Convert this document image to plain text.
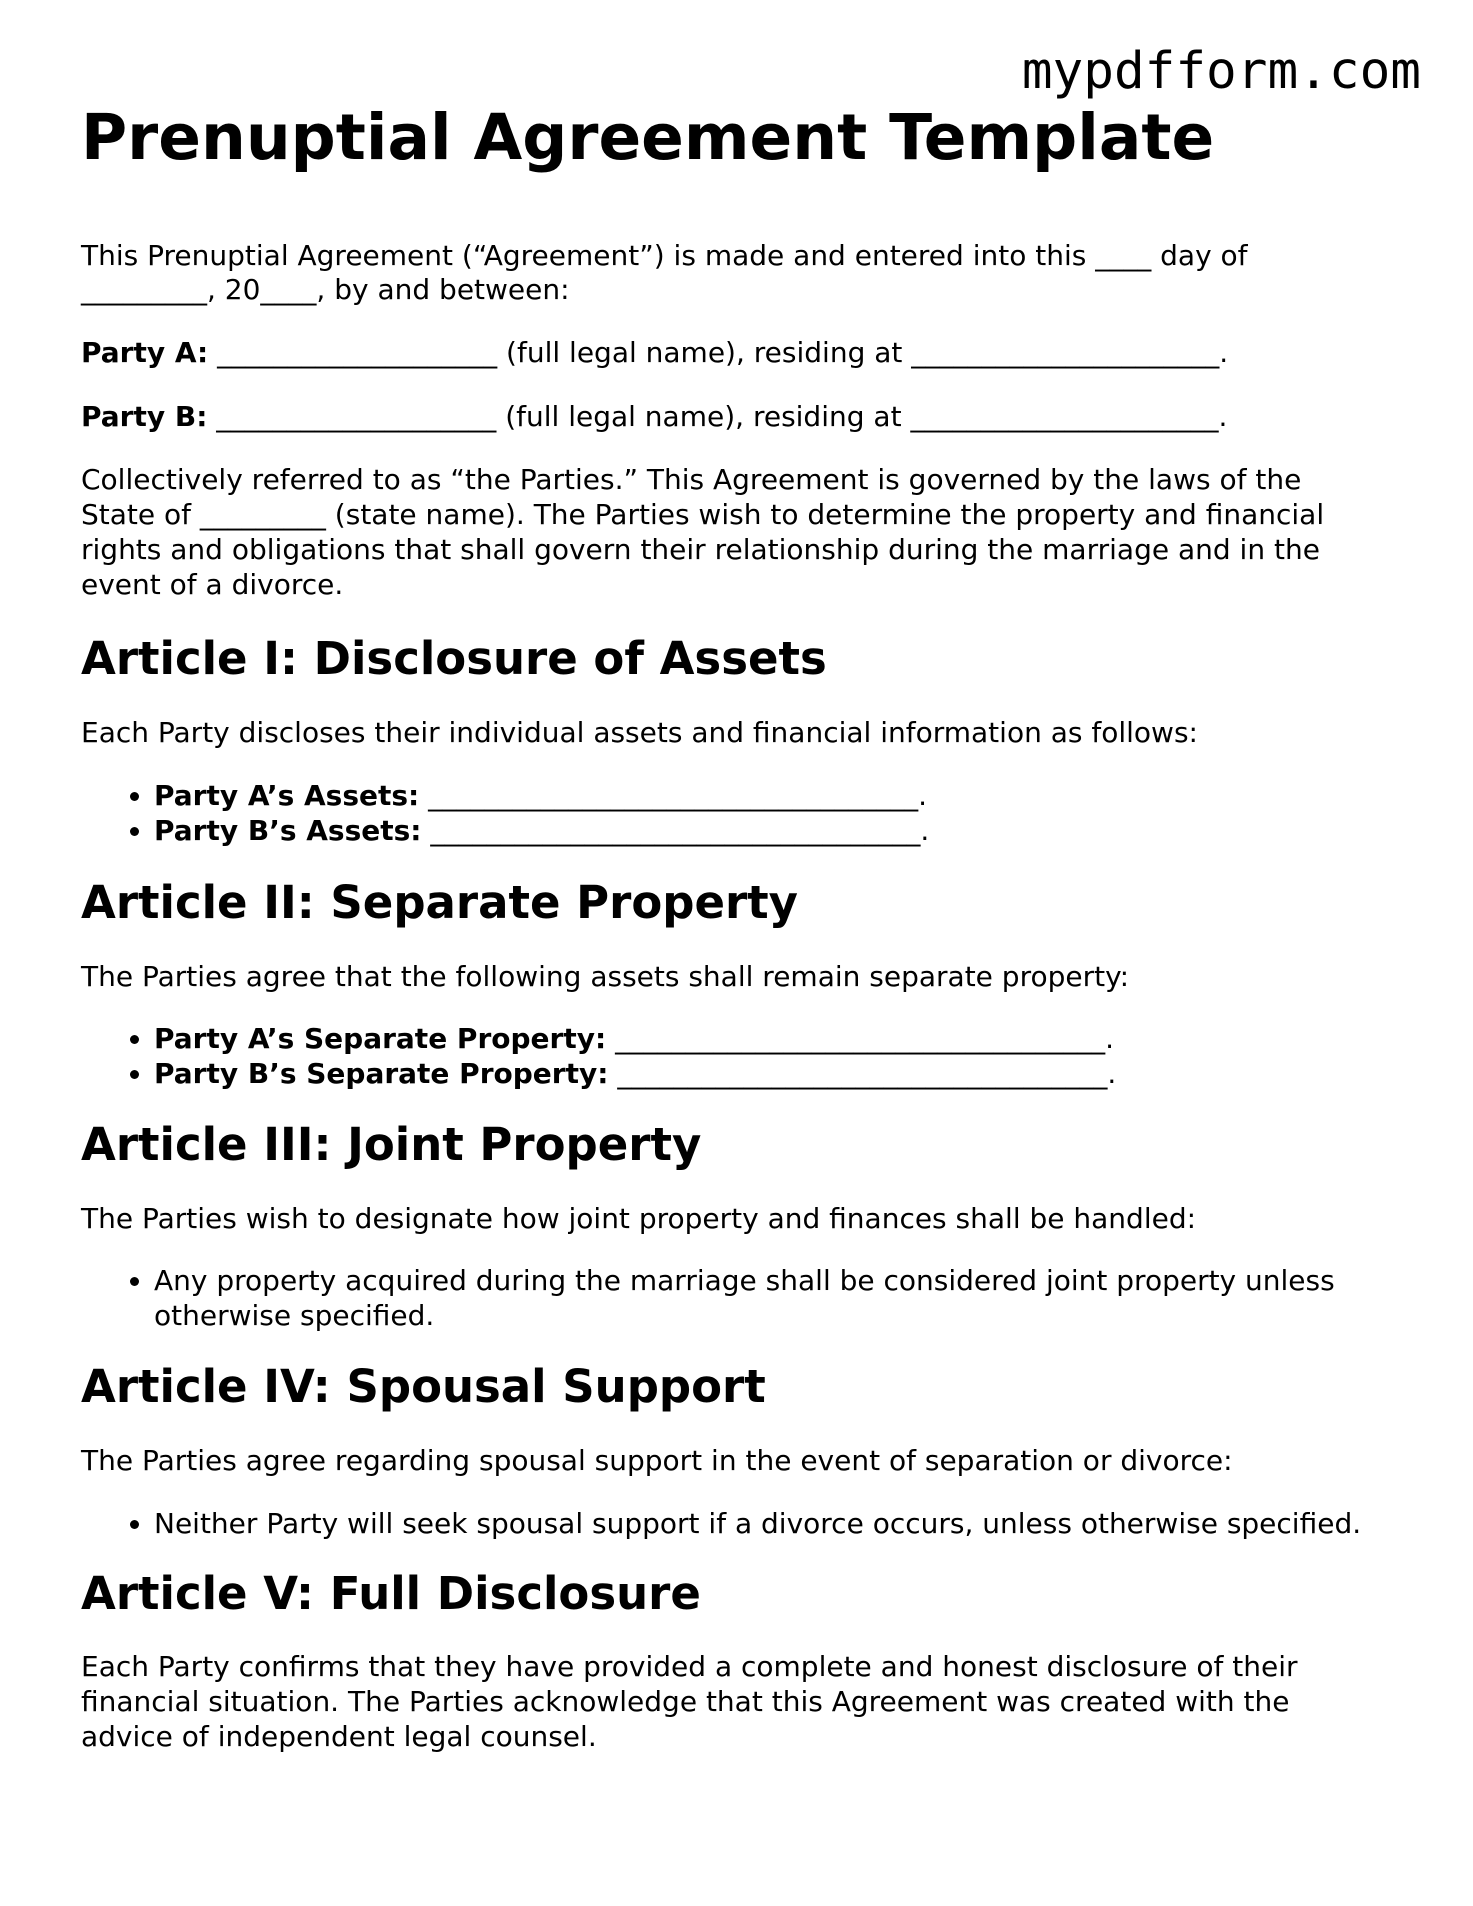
mypdfform.com
Prenuptial Agreement Template

This Prenuptial Agreement (“Agreement”) is made and entered into this ____ day of
_________, 20____, by and between:

Party A: ____________________ (full legal name), residing at ______________________.

Party B: ____________________ (full legal name), residing at ______________________.

Collectively referred to as “the Parties.” This Agreement is governed by the laws of the
State of _________ (state name). The Parties wish to determine the property and financial
rights and obligations that shall govern their relationship during the marriage and in the
event of a divorce.

Article I: Disclosure of Assets

Each Party discloses their individual assets and financial information as follows:

• Party A’s Assets: ___________________________________.
• Party B’s Assets: ___________________________________.
Article II: Separate Property

The Parties agree that the following assets shall remain separate property:

• Party A’s Separate Property: ___________________________________.
• Party B’s Separate Property: ___________________________________.
Article III: Joint Property

The Parties wish to designate how joint property and finances shall be handled:

• Any property acquired during the marriage shall be considered joint property unless
otherwise specified.
Article IV: Spousal Support

The Parties agree regarding spousal support in the event of separation or divorce:

• Neither Party will seek spousal support if a divorce occurs, unless otherwise specified.
Article V: Full Disclosure

Each Party confirms that they have provided a complete and honest disclosure of their
financial situation. The Parties acknowledge that this Agreement was created with the
advice of independent legal counsel.
